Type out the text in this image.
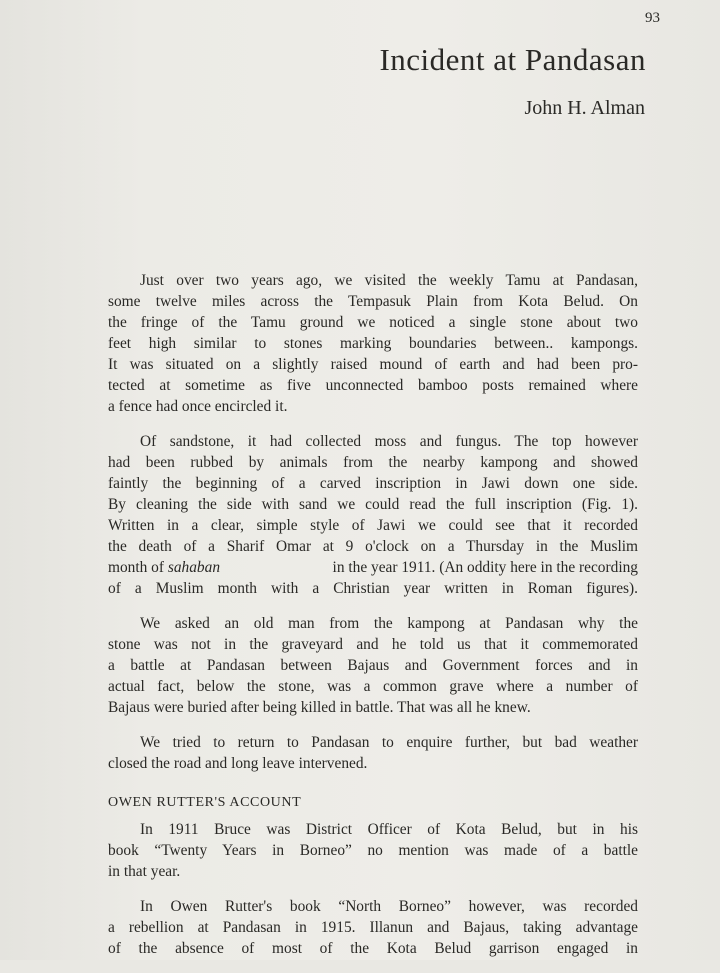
93
Incident at Pandasan
John H. Alman
Just over two years ago, we visited the weekly Tamu at Pandasan,
some twelve miles across the Tempasuk Plain from Kota Belud. On
the fringe of the Tamu ground we noticed a single stone about two
feet high similar to stones marking boundaries between.. kampongs.
It was situated on a slightly raised mound of earth and had been pro-
tected at sometime as five unconnected bamboo posts remained where
a fence had once encircled it.
Of sandstone, it had collected moss and fungus. The top however
had been rubbed by animals from the nearby kampong and showed
faintly the beginning of a carved inscription in Jawi down one side.
By cleaning the side with sand we could read the full inscription (Fig. 1).
Written in a clear, simple style of Jawi we could see that it recorded
the death of a Sharif Omar at 9 o'clock on a Thursday in the Muslim
month of sahaban	in the year 1911. (An oddity here in the recording
of a Muslim month with a Christian year written in Roman figures).
We asked an old man from the kampong at Pandasan why the
stone was not in the graveyard and he told us that it commemorated
a battle at Pandasan between Bajaus and Government forces and in
actual fact, below the stone, was a common grave where a number of
Bajaus were buried after being killed in battle. That was all he knew.
We tried to return to Pandasan to enquire further, but bad weather
closed the road and long leave intervened.
OWEN RUTTER'S ACCOUNT
In 1911 Bruce was District Officer of Kota Belud, but in his
book “Twenty Years in Borneo” no mention was made of a battle
in that year.
In Owen Rutter's book “North Borneo” however, was recorded
a rebellion at Pandasan in 1915. Illanun and Bajaus, taking advantage
of the absence of most of the Kota Belud garrison engaged in
